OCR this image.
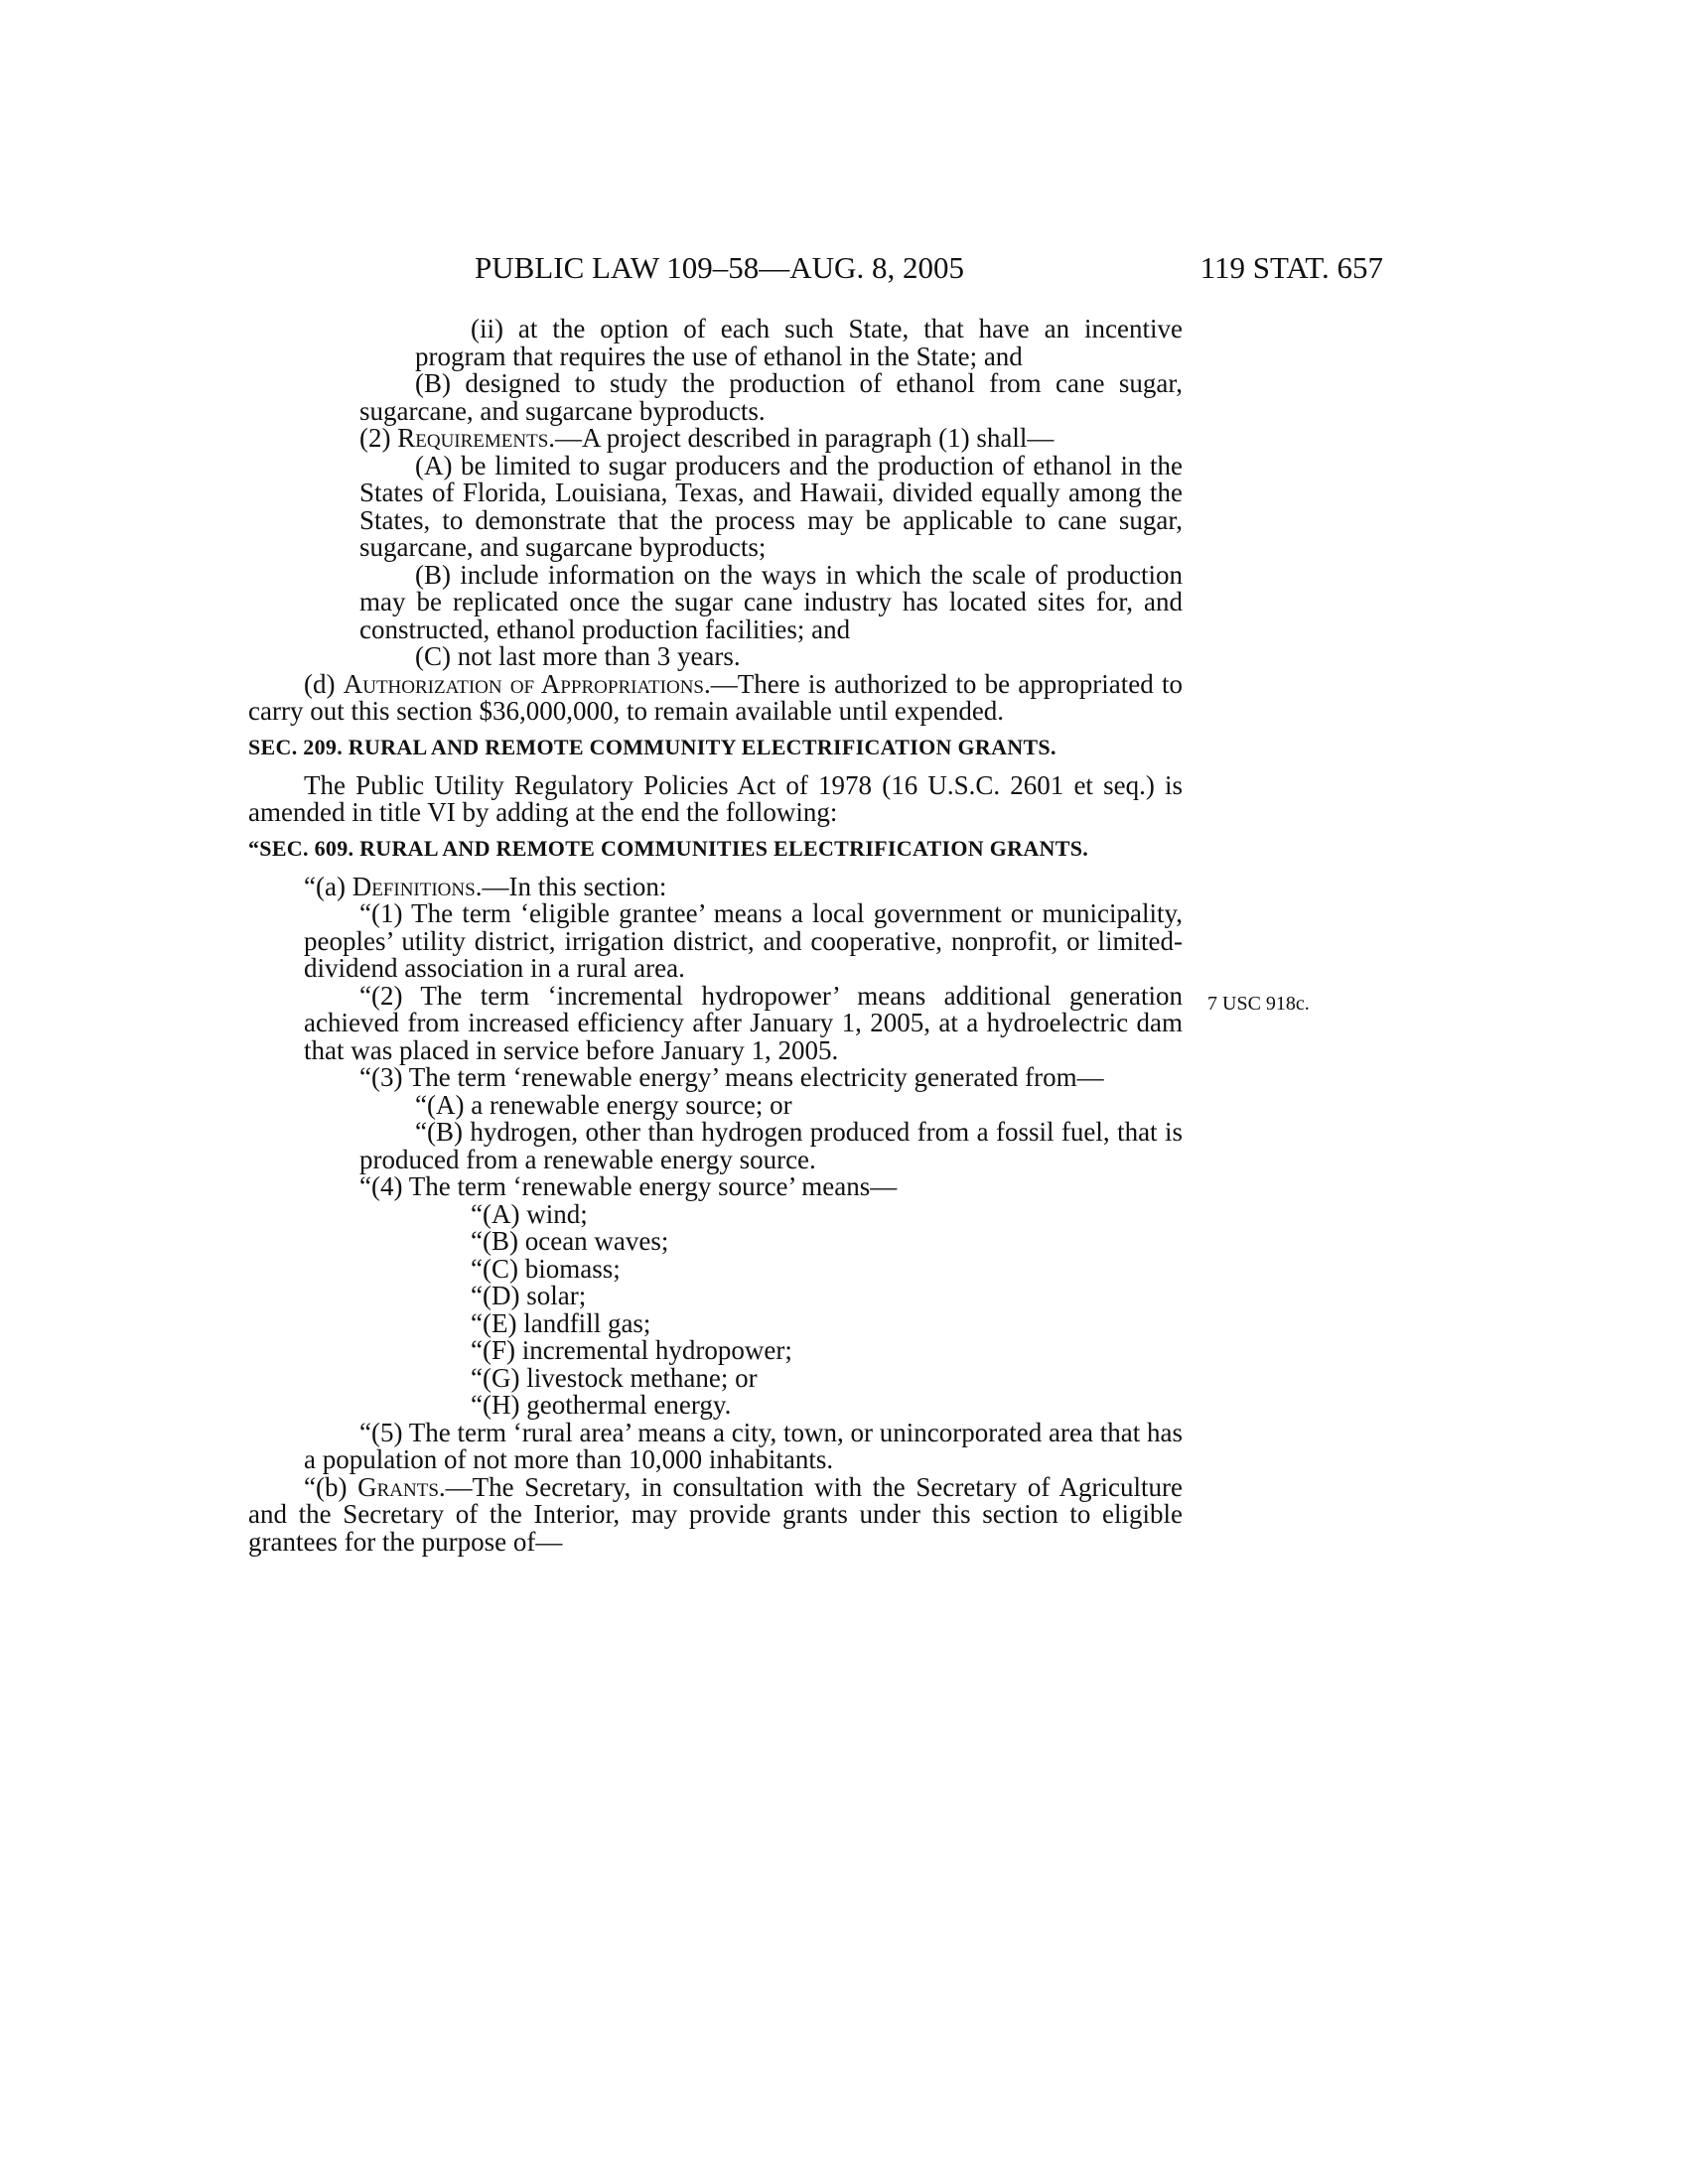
PUBLIC LAW 109–58—AUG. 8, 2005	119 STAT. 657
7 USC 918c.

(ii) at the option of each such State, that have an incentive program that requires the use of ethanol in the State; and

(B) designed to study the production of ethanol from cane sugar, sugarcane, and sugarcane byproducts.

(2) Requirements.—A project described in paragraph (1) shall—

(A) be limited to sugar producers and the production of ethanol in the States of Florida, Louisiana, Texas, and Hawaii, divided equally among the States, to demonstrate that the process may be applicable to cane sugar, sugarcane, and sugarcane byproducts;

(B) include information on the ways in which the scale of production may be replicated once the sugar cane industry has located sites for, and constructed, ethanol production facilities; and

(C) not last more than 3 years.

(d) Authorization of Appropriations.—There is authorized to be appropriated to carry out this section $36,000,000, to remain available until expended.

SEC. 209. RURAL AND REMOTE COMMUNITY ELECTRIFICATION GRANTS.

The Public Utility Regulatory Policies Act of 1978 (16 U.S.C. 2601 et seq.) is amended in title VI by adding at the end the following:

“SEC. 609. RURAL AND REMOTE COMMUNITIES ELECTRIFICATION GRANTS.

“(a) Definitions.—In this section:

“(1) The term ‘eligible grantee’ means a local government or municipality, peoples’ utility district, irrigation district, and cooperative, nonprofit, or limited-dividend association in a rural area.

“(2) The term ‘incremental hydropower’ means additional generation achieved from increased efficiency after January 1, 2005, at a hydroelectric dam that was placed in service before January 1, 2005.

“(3) The term ‘renewable energy’ means electricity generated from—

“(A) a renewable energy source; or

“(B) hydrogen, other than hydrogen produced from a fossil fuel, that is produced from a renewable energy source.

“(4) The term ‘renewable energy source’ means—

“(A) wind;

“(B) ocean waves;

“(C) biomass;

“(D) solar;

“(E) landfill gas;

“(F) incremental hydropower;

“(G) livestock methane; or

“(H) geothermal energy.

“(5) The term ‘rural area’ means a city, town, or unincorporated area that has a population of not more than 10,000 inhabitants.

“(b) Grants.—The Secretary, in consultation with the Secretary of Agriculture and the Secretary of the Interior, may provide grants under this section to eligible grantees for the purpose of—
